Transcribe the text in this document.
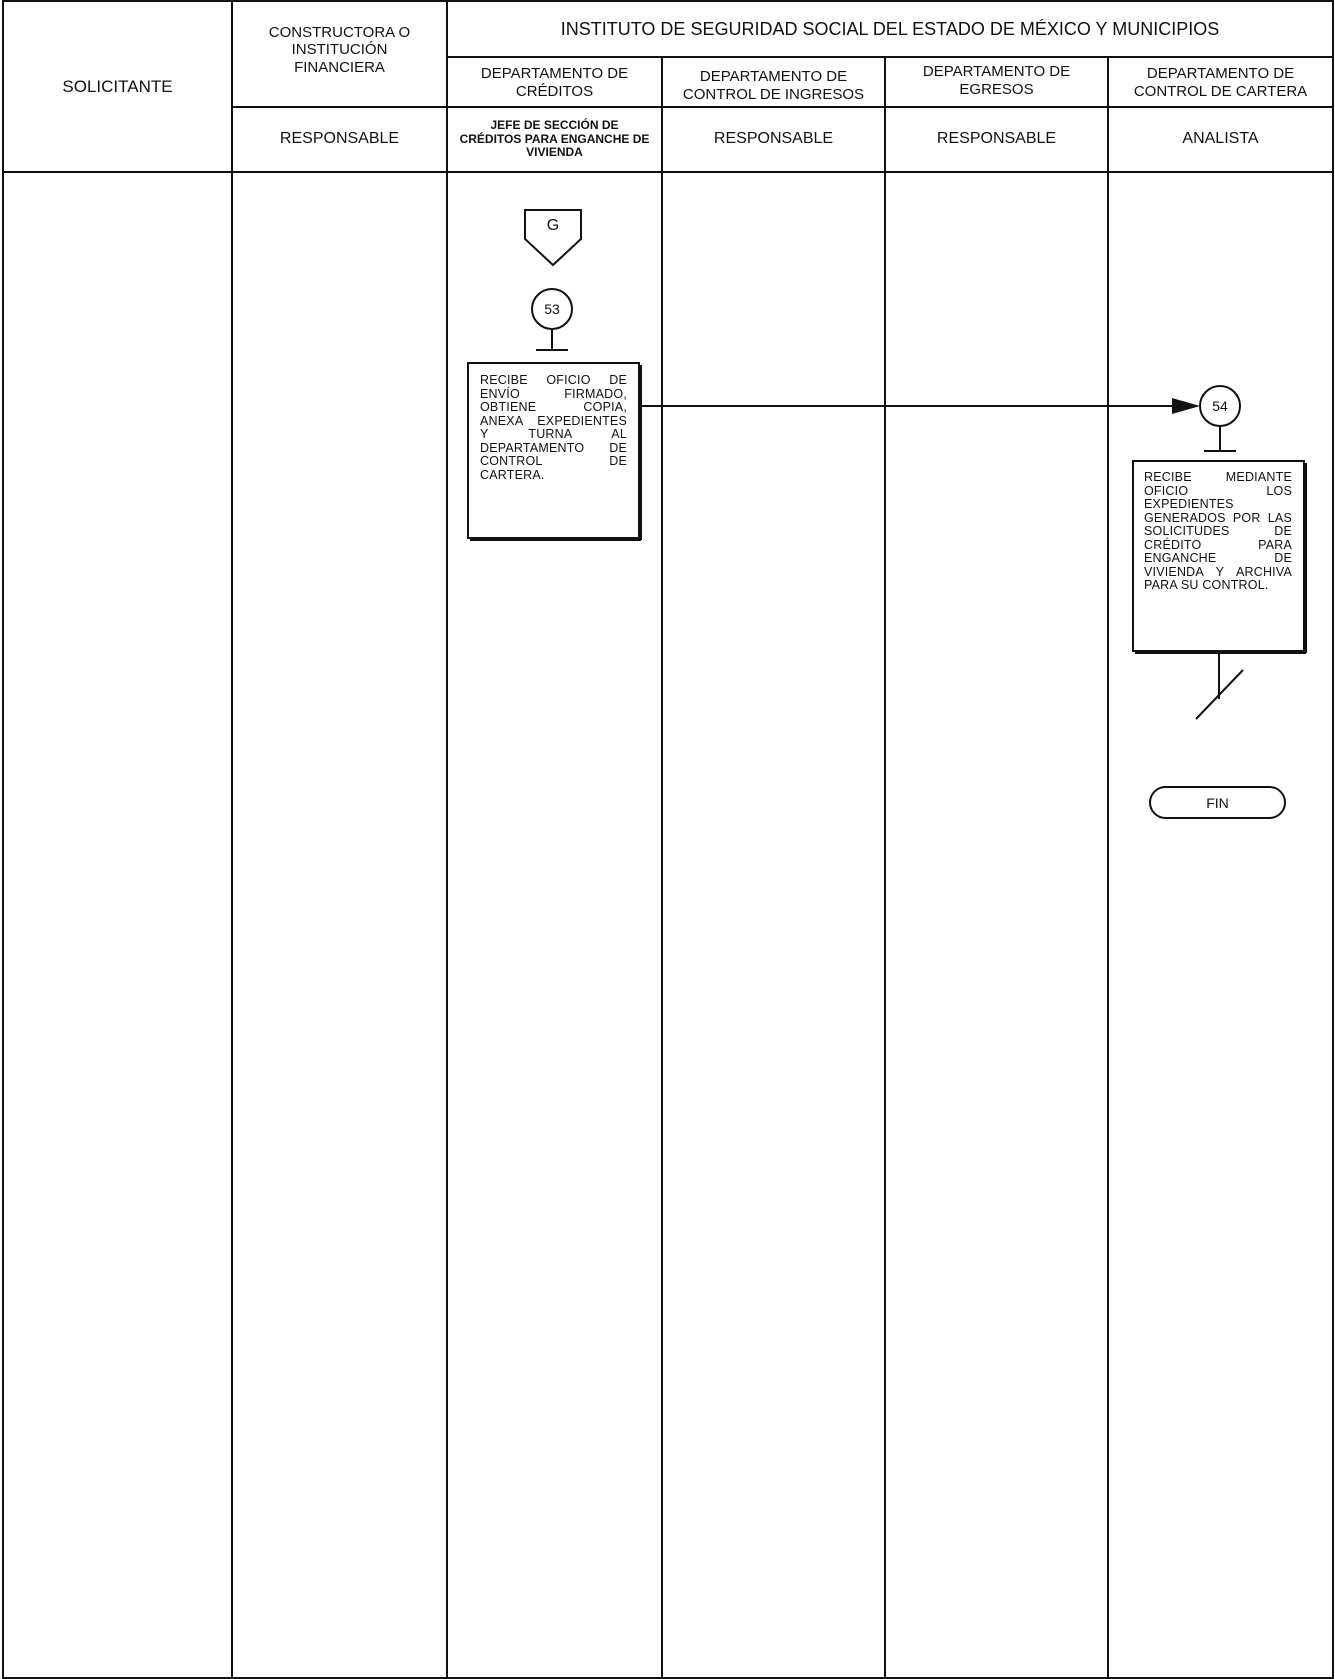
INSTITUTO DE SEGURIDAD SOCIAL DEL ESTADO DE MÉXICO Y MUNICIPIOS
SOLICITANTE
CONSTRUCTORA O INSTITUCIÓN FINANCIERA
RESPONSABLE
DEPARTAMENTO DE CRÉDITOS
DEPARTAMENTO DE CONTROL DE INGRESOS
DEPARTAMENTO DE EGRESOS
DEPARTAMENTO DE CONTROL DE CARTERA
JEFE DE SECCIÓN DE CRÉDITOS PARA ENGANCHE DE VIVIENDA
RESPONSABLE	RESPONSABLE	ANALISTA
G
53
RECIBE OFICIO DE ENVÍO FIRMADO, OBTIENE COPIA, ANEXA EXPEDIENTES Y TURNA AL DEPARTAMENTO DE CONTROL DE CARTERA.
54
RECIBE MEDIANTE OFICIO LOS EXPEDIENTES GENERADOS POR LAS SOLICITUDES DE CRÉDITO PARA ENGANCHE DE VIVIENDA Y ARCHIVA PARA SU CONTROL.
FIN
